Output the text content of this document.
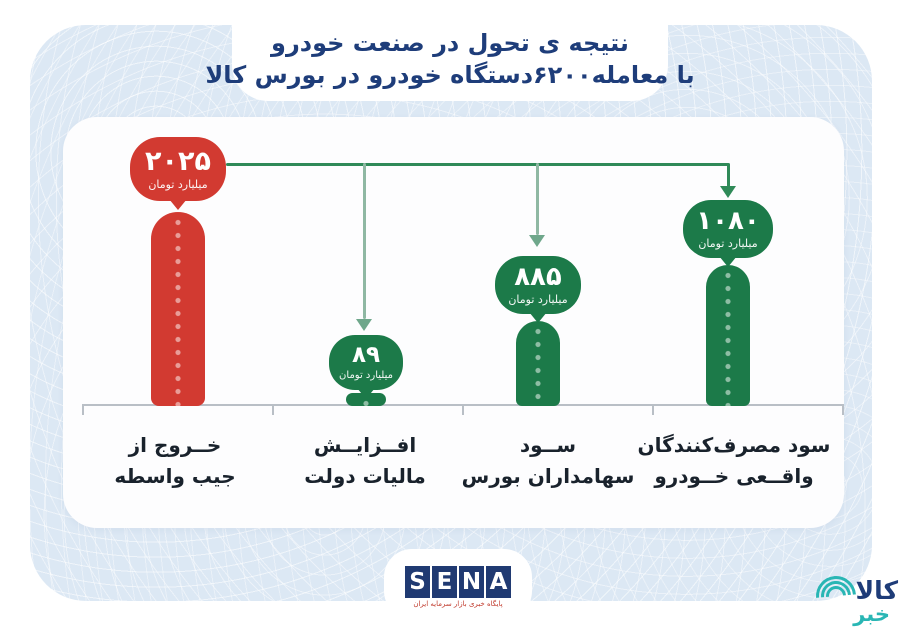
نتیجه ی تحول در صنعت خودرو
با معامله۶۲۰۰دستگاه خودرو در بورس کالا
۲۰۲۵
میلیارد تومان
۸۹
میلیارد تومان
۸۸۵
میلیارد تومان
۱۰۸۰
میلیارد تومان
خــروج از
جیب واسطه
افــزایــش
مالیات دولت
ســود
سهامداران بورس
سود مصرف‌کنندگان
واقــعی خــودرو
S E N A
پایگاه خبری بازار سرمایه ایران	کالا
خبر
